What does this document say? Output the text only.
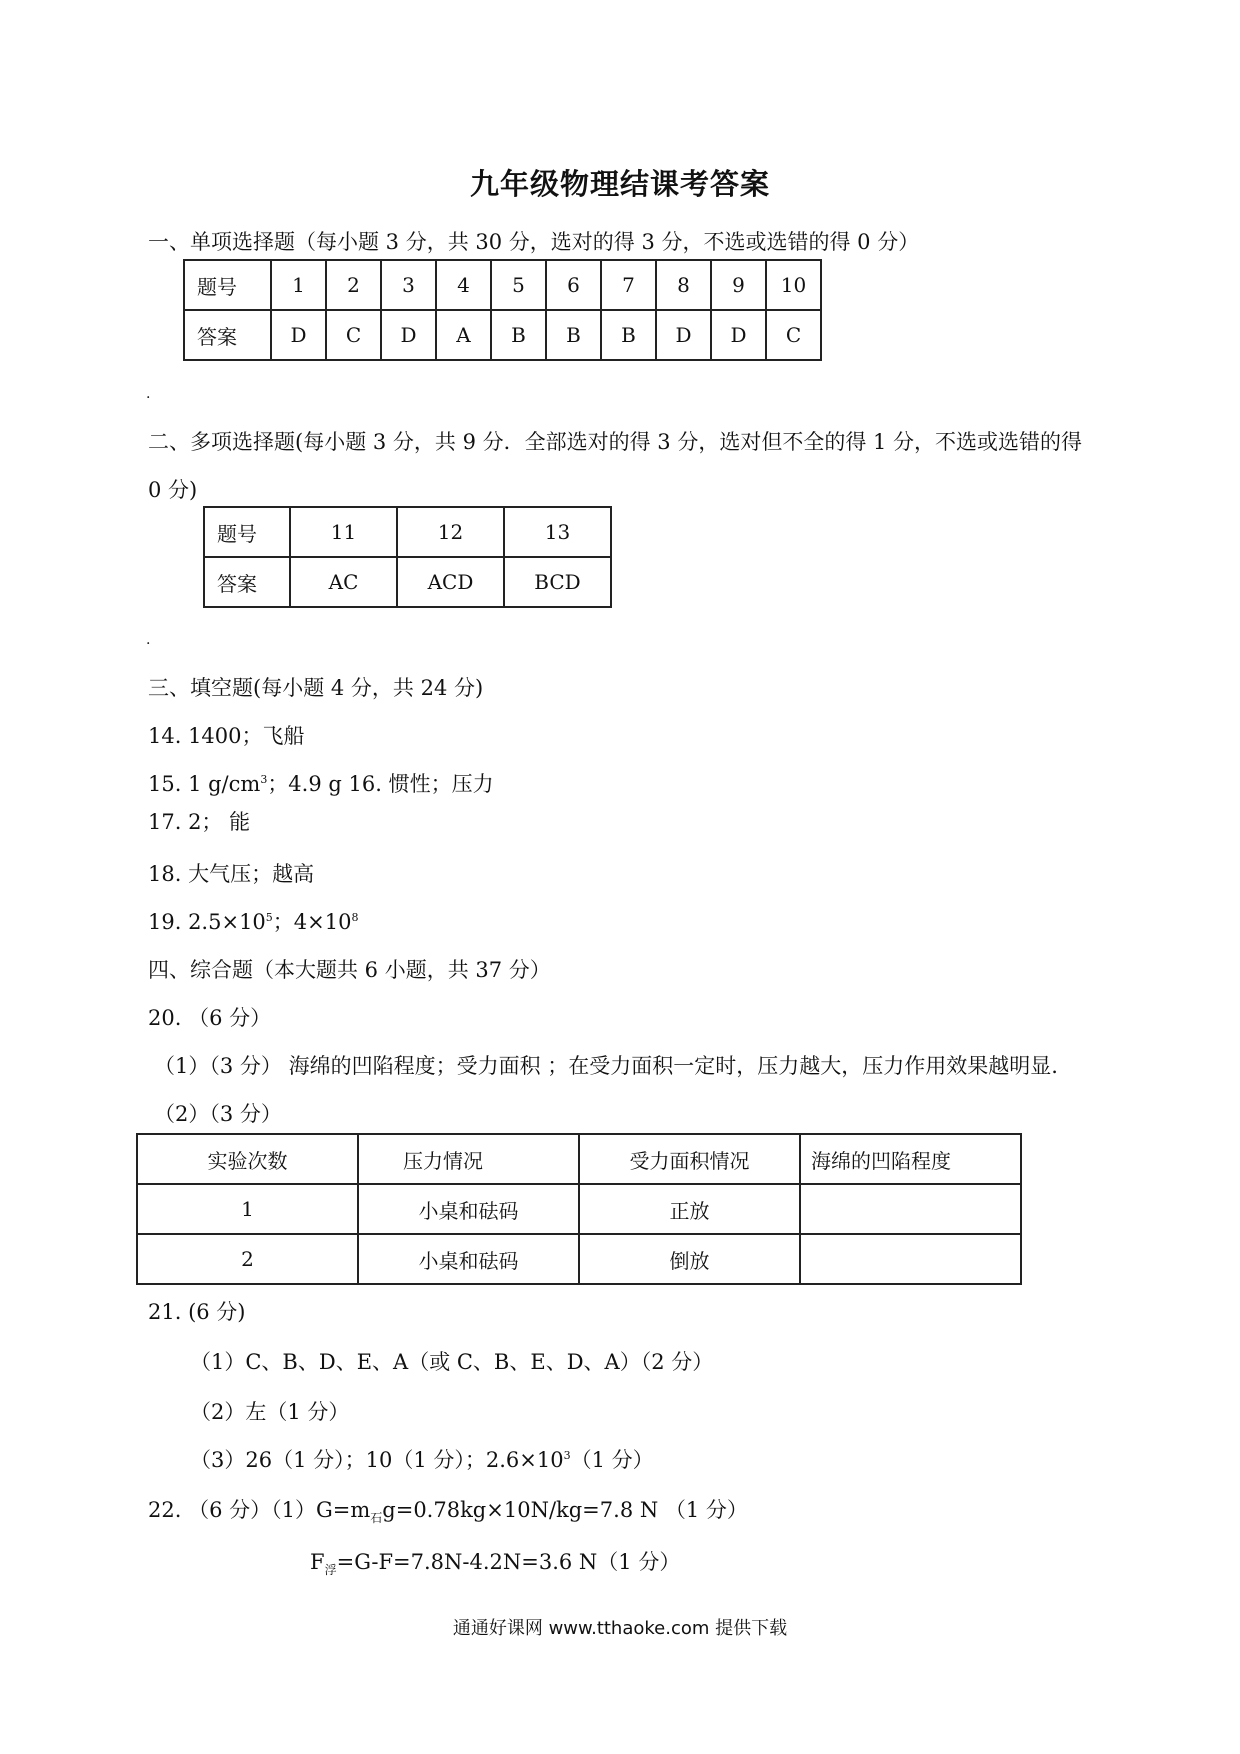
九年级物理结课考答案
一、单项选择题（每小题 3 分，共 30 分，选对的得 3 分，不选或选错的得 0 分）
题号	1	2	3	4	5	6	7	8	9	10
答案	D	C	D	A	B	B	B	D	D	C
.
二、多项选择题(每小题 3 分，共 9 分．全部选对的得 3 分，选对但不全的得 1 分，不选或选错的得
0 分)
题号	11	12	13
答案	AC	ACD	BCD
.
三、填空题(每小题 4 分，共 24 分)
14. 1400；飞船
15. 1 $g/cm^3$；4.9 g 16. 惯性；压力
17. 2； 能
18. 大气压；越高
19. $2.5\times 10^5$；$4\times 10^8$
四、综合题（本大题共 6 小题，共 37 分）
20. （6 分）
（1）（3 分） 海绵的凹陷程度；受力面积 ；在受力面积一定时，压力越大，压力作用效果越明显.
（2）（3 分）
实验次数	压力情况	受力面积情况	海绵的凹陷程度
1	小桌和砝码	正放	
2	小桌和砝码	倒放	
21. (6 分)
（1）C、B、D、E、A（或 C、B、E、D、A）（2 分）
（2）左（1 分）
（3）26（1 分）；10（1 分）；$2.6\times 10^3(1$ 分）
22. （6 分）$(1)G=m_石g=0.78kg\times 10N/kg=7.8$ N （1 分）
$F_浮=G-F=7.8N-4.2N=3.6$ N（1 分）
通通好课网 www.tthaoke.com 提供下载
